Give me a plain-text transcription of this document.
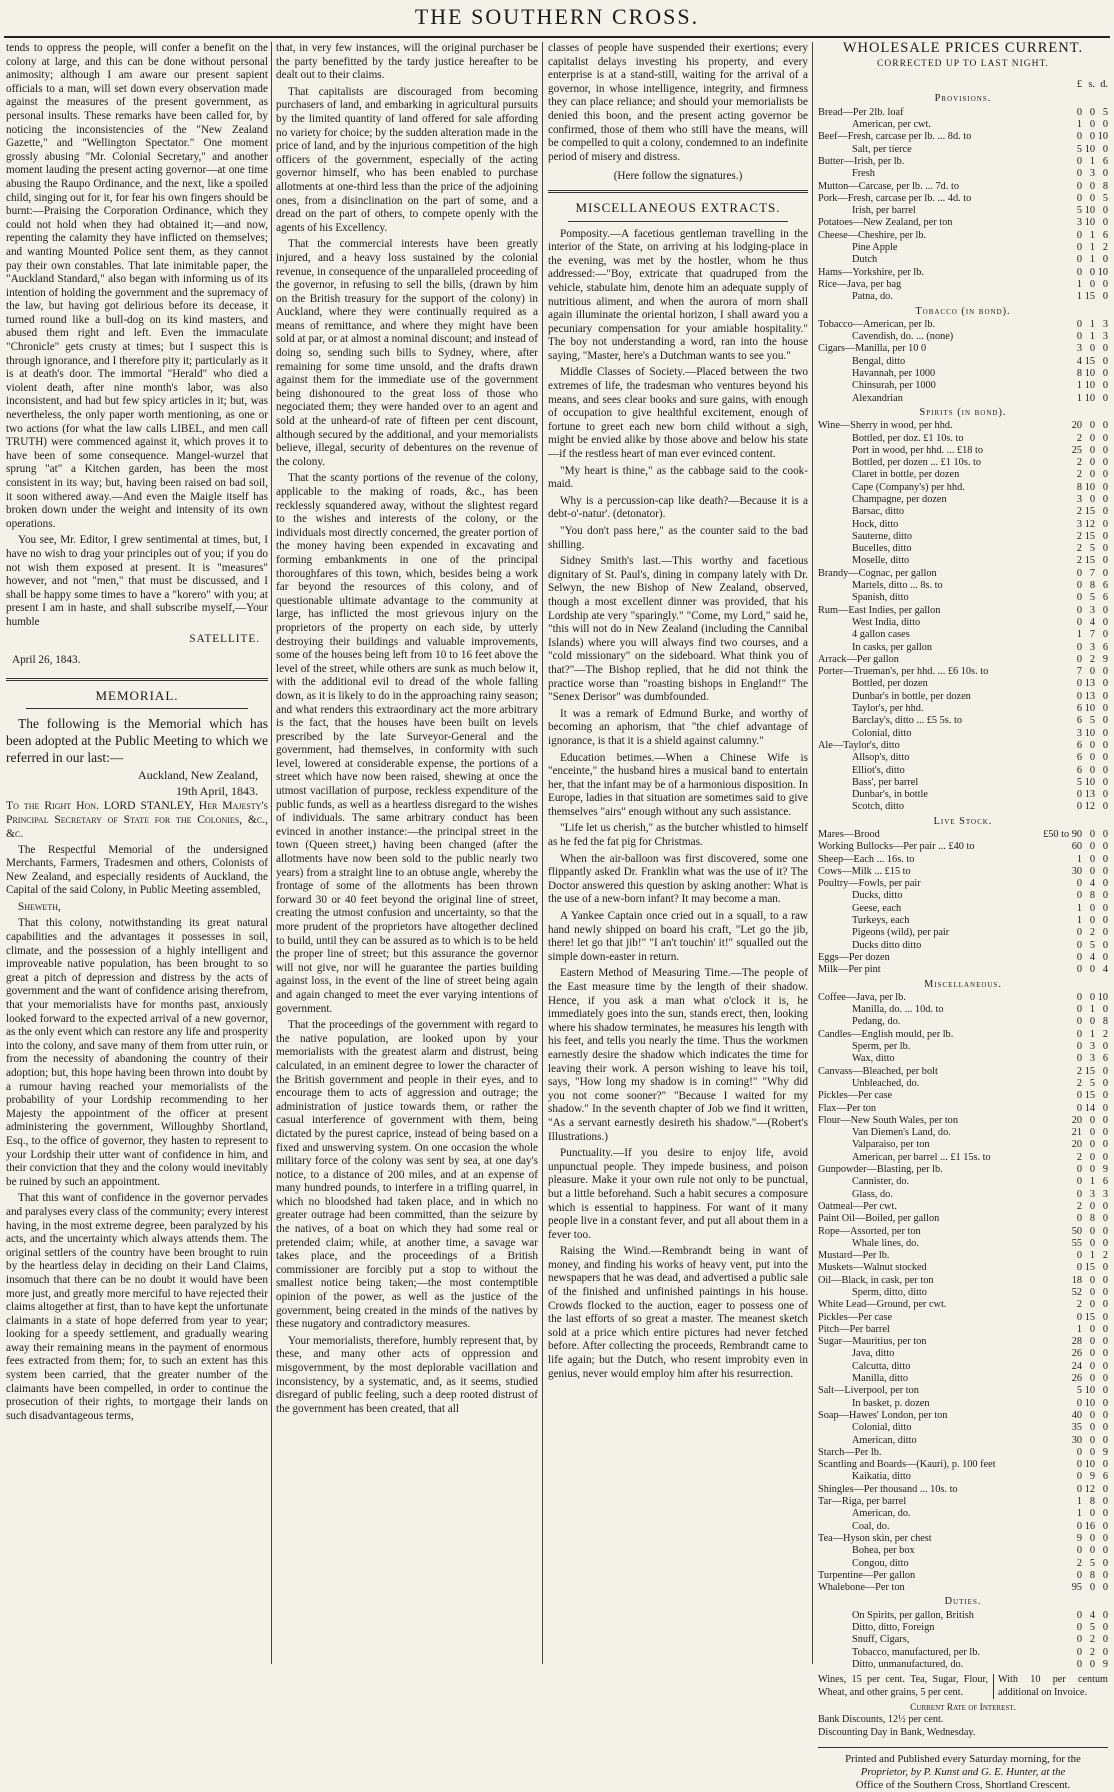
THE SOUTHERN CROSS.

tends to oppress the people, will confer a benefit on the colony at large, and this can be done without personal animosity; although I am aware our present sapient officials to a man, will set down every observation made against the measures of the present government, as personal insults. These remarks have been called for, by noticing the inconsistencies of the "New Zealand Gazette," and "Wellington Spectator." One moment grossly abusing "Mr. Colonial Secretary," and another moment lauding the present acting governor—at one time abusing the Raupo Ordinance, and the next, like a spoiled child, singing out for it, for fear his own fingers should be burnt:—Praising the Corporation Ordinance, which they could not hold when they had obtained it;—and now, repenting the calamity they have inflicted on themselves; and wanting Mounted Police sent them, as they cannot pay their own constables. That late inimitable paper, the "Auckland Standard," also began with informing us of its intention of holding the government and the supremacy of the law, but having got delirious before its decease, it turned round like a bull-dog on its kind masters, and abused them right and left. Even the immaculate "Chronicle" gets crusty at times; but I suspect this is through ignorance, and I therefore pity it; particularly as it is at death's door. The immortal "Herald" who died a violent death, after nine month's labor, was also inconsistent, and had but few spicy articles in it; but, was nevertheless, the only paper worth mentioning, as one or two actions (for what the law calls LIBEL, and men call TRUTH) were commenced against it, which proves it to have been of some consequence. Mangel-wurzel that sprung "at" a Kitchen garden, has been the most consistent in its way; but, having been raised on bad soil, it soon withered away.—And even the Maigle itself has broken down under the weight and intensity of its own operations.

You see, Mr. Editor, I grew sentimental at times, but, I have no wish to drag your principles out of you; if you do not wish them exposed at present. It is "measures" however, and not "men," that must be discussed, and I shall be happy some times to have a "korero" with you; at present I am in haste, and shall subscribe myself,—Your humble

SATELLITE.
April 26, 1843.
MEMORIAL.

The following is the Memorial which has been adopted at the Public Meeting to which we referred in our last:—

Auckland, New Zealand,
19th April, 1843.

To the Right Hon. LORD STANLEY, Her Majesty's Principal Secretary of State for the Colonies, &c., &c.

The Respectful Memorial of the undersigned Merchants, Farmers, Tradesmen and others, Colonists of New Zealand, and especially residents of Auckland, the Capital of the said Colony, in Public Meeting assembled,

Sheweth,

That this colony, notwithstanding its great natural capabilities and the advantages it possesses in soil, climate, and the possession of a highly intelligent and improveable native population, has been brought to so great a pitch of depression and distress by the acts of government and the want of confidence arising therefrom, that your memorialists have for months past, anxiously looked forward to the expected arrival of a new governor, as the only event which can restore any life and prosperity into the colony, and save many of them from utter ruin, or from the necessity of abandoning the country of their adoption; but, this hope having been thrown into doubt by a rumour having reached your memorialists of the probability of your Lordship recommending to her Majesty the appointment of the officer at present administering the government, Willoughby Shortland, Esq., to the office of governor, they hasten to represent to your Lordship their utter want of confidence in him, and their conviction that they and the colony would inevitably be ruined by such an appointment.

That this want of confidence in the governor pervades and paralyses every class of the community; every interest having, in the most extreme degree, been paralyzed by his acts, and the uncertainty which always attends them. The original settlers of the country have been brought to ruin by the heartless delay in deciding on their Land Claims, insomuch that there can be no doubt it would have been more just, and greatly more merciful to have rejected their claims altogether at first, than to have kept the unfortunate claimants in a state of hope deferred from year to year; looking for a speedy settlement, and gradually wearing away their remaining means in the payment of enormous fees extracted from them; for, to such an extent has this system been carried, that the greater number of the claimants have been compelled, in order to continue the prosecution of their rights, to mortgage their lands on such disadvantageous terms,

that, in very few instances, will the original purchaser be the party benefitted by the tardy justice hereafter to be dealt out to their claims.

That capitalists are discouraged from becoming purchasers of land, and embarking in agricultural pursuits by the limited quantity of land offered for sale affording no variety for choice; by the sudden alteration made in the price of land, and by the injurious competition of the high officers of the government, especially of the acting governor himself, who has been enabled to purchase allotments at one-third less than the price of the adjoining ones, from a disinclination on the part of some, and a dread on the part of others, to compete openly with the agents of his Excellency.

That the commercial interests have been greatly injured, and a heavy loss sustained by the colonial revenue, in consequence of the unparalleled proceeding of the governor, in refusing to sell the bills, (drawn by him on the British treasury for the support of the colony) in Auckland, where they were continually required as a means of remittance, and where they might have been sold at par, or at almost a nominal discount; and instead of doing so, sending such bills to Sydney, where, after remaining for some time unsold, and the drafts drawn against them for the immediate use of the government being dishonoured to the great loss of those who negociated them; they were handed over to an agent and sold at the unheard-of rate of fifteen per cent discount, although secured by the additional, and your memorialists believe, illegal, security of debentures on the revenue of the colony.

That the scanty portions of the revenue of the colony, applicable to the making of roads, &c., has been recklessly squandered away, without the slightest regard to the wishes and interests of the colony, or the individuals most directly concerned, the greater portion of the money having been expended in excavating and forming embankments in one of the principal thoroughfares of this town, which, besides being a work far beyond the resources of this colony, and of questionable ultimate advantage to the community at large, has inflicted the most grievous injury on the proprietors of the property on each side, by utterly destroying their buildings and valuable improvements, some of the houses being left from 10 to 16 feet above the level of the street, while others are sunk as much below it, with the additional evil to dread of the whole falling down, as it is likely to do in the approaching rainy season; and what renders this extraordinary act the more arbitrary is the fact, that the houses have been built on levels prescribed by the late Surveyor-General and the government, had themselves, in conformity with such level, lowered at considerable expense, the portions of a street which have now been raised, shewing at once the utmost vacillation of purpose, reckless expenditure of the public funds, as well as a heartless disregard to the wishes of individuals. The same arbitrary conduct has been evinced in another instance:—the principal street in the town (Queen street,) having been changed (after the allotments have now been sold to the public nearly two years) from a straight line to an obtuse angle, whereby the frontage of some of the allotments has been thrown forward 30 or 40 feet beyond the original line of street, creating the utmost confusion and uncertainty, so that the more prudent of the proprietors have altogether declined to build, until they can be assured as to which is to be held the proper line of street; but this assurance the governor will not give, nor will he guarantee the parties building against loss, in the event of the line of street being again and again changed to meet the ever varying intentions of government.

That the proceedings of the government with regard to the native population, are looked upon by your memorialists with the greatest alarm and distrust, being calculated, in an eminent degree to lower the character of the British government and people in their eyes, and to encourage them to acts of aggression and outrage; the administration of justice towards them, or rather the casual interference of government with them, being dictated by the purest caprice, instead of being based on a fixed and unswerving system. On one occasion the whole military force of the colony was sent by sea, at one day's notice, to a distance of 200 miles, and at an expense of many hundred pounds, to interfere in a trifling quarrel, in which no bloodshed had taken place, and in which no greater outrage had been committed, than the seizure by the natives, of a boat on which they had some real or pretended claim; while, at another time, a savage war takes place, and the proceedings of a British commissioner are forcibly put a stop to without the smallest notice being taken;—the most contemptible opinion of the power, as well as the justice of the government, being created in the minds of the natives by these nugatory and contradictory measures.

Your memorialists, therefore, humbly represent that, by these, and many other acts of oppression and misgovernment, by the most deplorable vacillation and inconsistency, by a systematic, and, as it seems, studied disregard of public feeling, such a deep rooted distrust of the government has been created, that all

classes of people have suspended their exertions; every capitalist delays investing his property, and every enterprise is at a stand-still, waiting for the arrival of a governor, in whose intelligence, integrity, and firmness they can place reliance; and should your memorialists be denied this boon, and the present acting governor be confirmed, those of them who still have the means, will be compelled to quit a colony, condemned to an indefinite period of misery and distress.

(Here follow the signatures.)
MISCELLANEOUS EXTRACTS.

Pomposity.—A facetious gentleman travelling in the interior of the State, on arriving at his lodging-place in the evening, was met by the hostler, whom he thus addressed:—"Boy, extricate that quadruped from the vehicle, stabulate him, denote him an adequate supply of nutritious aliment, and when the aurora of morn shall again illuminate the oriental horizon, I shall award you a pecuniary compensation for your amiable hospitality." The boy not understanding a word, ran into the house saying, "Master, here's a Dutchman wants to see you."

Middle Classes of Society.—Placed between the two extremes of life, the tradesman who ventures beyond his means, and sees clear books and sure gains, with enough of occupation to give healthful excitement, enough of fortune to greet each new born child without a sigh, might be envied alike by those above and below his state—if the restless heart of man ever evinced content.

"My heart is thine," as the cabbage said to the cook-maid.

Why is a percussion-cap like death?—Because it is a debt-o'-natur'. (detonator).

"You don't pass here," as the counter said to the bad shilling.

Sidney Smith's last.—This worthy and facetious dignitary of St. Paul's, dining in company lately with Dr. Selwyn, the new Bishop of New Zealand, observed, though a most excellent dinner was provided, that his Lordship ate very "sparingly." "Come, my Lord," said he, "this will not do in New Zealand (including the Cannibal Islands) where you will always find two courses, and a "cold missionary" on the sideboard. What think you of that?"—The Bishop replied, that he did not think the practice worse than "roasting bishops in England!" The "Senex Derisor" was dumbfounded.

It was a remark of Edmund Burke, and worthy of becoming an aphorism, that "the chief advantage of ignorance, is that it is a shield against calumny."

Education betimes.—When a Chinese Wife is "enceinte," the husband hires a musical band to entertain her, that the infant may be of a harmonious disposition. In Europe, ladies in that situation are sometimes said to give themselves "airs" enough without any such assistance.

"Life let us cherish," as the butcher whistled to himself as he fed the fat pig for Christmas.

When the air-balloon was first discovered, some one flippantly asked Dr. Franklin what was the use of it? The Doctor answered this question by asking another: What is the use of a new-born infant? It may become a man.

A Yankee Captain once cried out in a squall, to a raw hand newly shipped on board his craft, "Let go the jib, there! let go that jib!" "I an't touchin' it!" squalled out the simple down-easter in return.

Eastern Method of Measuring Time.—The people of the East measure time by the length of their shadow. Hence, if you ask a man what o'clock it is, he immediately goes into the sun, stands erect, then, looking where his shadow terminates, he measures his length with his feet, and tells you nearly the time. Thus the workmen earnestly desire the shadow which indicates the time for leaving their work. A person wishing to leave his toil, says, "How long my shadow is in coming!" "Why did you not come sooner?" "Because I waited for my shadow." In the seventh chapter of Job we find it written, "As a servant earnestly desireth his shadow."—(Robert's Illustrations.)

Punctuality.—If you desire to enjoy life, avoid unpunctual people. They impede business, and poison pleasure. Make it your own rule not only to be punctual, but a little beforehand. Such a habit secures a composure which is essential to happiness. For want of it many people live in a constant fever, and put all about them in a fever too.

Raising the Wind.—Rembrandt being in want of money, and finding his works of heavy vent, put into the newspapers that he was dead, and advertised a public sale of the finished and unfinished paintings in his house. Crowds flocked to the auction, eager to possess one of the last efforts of so great a master. The meanest sketch sold at a price which entire pictures had never fetched before. After collecting the proceeds, Rembrandt came to life again; but the Dutch, who resent improbity even in genius, never would employ him after his resurrection.

WHOLESALE PRICES CURRENT.
CORRECTED UP TO LAST NIGHT.
	£	s.	d.
Provisions.			
Bread—Per 2lb. loaf	0	0	5
American, per cwt.	1	0	0
Beef—Fresh, carcase per lb. ... 8d. to	0	0	10
Salt, per tierce	5	10	0
Butter—Irish, per lb.	0	1	6
Fresh	0	3	0
Mutton—Carcase, per lb. ... 7d. to	0	0	8
Pork—Fresh, carcase per lb. ... 4d. to	0	0	5
Irish, per barrel	5	10	0
Potatoes—New Zealand, per ton	3	10	0
Cheese—Cheshire, per lb.	0	1	6
Pine Apple	0	1	2
Dutch	0	1	0
Hams—Yorkshire, per lb.	0	0	10
Rice—Java, per bag	1	0	0
Patna, do.	1	15	0
Tobacco (in bond).			
Tobacco—American, per lb.	0	1	3
Cavendish, do. ... (none)	0	1	3
Cigars—Manilla, per 10 0	3	0	0
Bengal, ditto	4	15	0
Havannah, per 1000	8	10	0
Chinsurah, per 1000	1	10	0
Alexandrian	1	10	0
Spirits (in bond).			
Wine—Sherry in wood, per hhd.	20	0	0
Bottled, per doz. £1 10s. to	2	0	0
Port in wood, per hhd. ... £18 to	25	0	0
Bottled, per dozen ... £1 10s. to	2	0	0
Claret in bottle, per dozen	2	0	0
Cape (Company's) per hhd.	8	10	0
Champagne, per dozen	3	0	0
Barsac, ditto	2	15	0
Hock, ditto	3	12	0
Sauterne, ditto	2	15	0
Bucelles, ditto	2	5	0
Moselle, ditto	2	15	0
Brandy—Cognac, per gallon	0	7	0
Martels, ditto ... 8s. to	0	8	6
Spanish, ditto	0	5	6
Rum—East Indies, per gallon	0	3	0
West India, ditto	0	4	0
4 gallon cases	1	7	0
In casks, per gallon	0	3	6
Arrack—Per gallon	0	2	9
Porter—Trueman's, per hhd. ... £6 10s. to	7	0	0
Bottled, per dozen	0	13	0
Dunbar's in bottle, per dozen	0	13	0
Taylor's, per hhd.	6	10	0
Barclay's, ditto ... £5 5s. to	6	5	0
Colonial, ditto	3	10	0
Ale—Taylor's, ditto	6	0	0
Allsop's, ditto	6	0	0
Elliot's, ditto	6	0	0
Bass', per barrel	5	10	0
Dunbar's, in bottle	0	13	0
Scotch, ditto	0	12	0
Live Stock.			
Mares—Brood	£50 to 90	0	0
Working Bullocks—Per pair ... £40 to	60	0	0
Sheep—Each ... 16s. to	1	0	0
Cows—Milk ... £15 to	30	0	0
Poultry—Fowls, per pair	0	4	0
Ducks, ditto	0	8	0
Geese, each	1	0	0
Turkeys, each	1	0	0
Pigeons (wild), per pair	0	2	0
Ducks ditto ditto	0	5	0
Eggs—Per dozen	0	4	0
Milk—Per pint	0	0	4
Miscellaneous.			
Coffee—Java, per lb.	0	0	10
Manilla, do. ... 10d. to	0	1	0
Pedang, do.	0	0	8
Candles—English mould, per lb.	0	1	2
Sperm, per lb.	0	3	0
Wax, ditto	0	3	6
Canvass—Bleached, per bolt	2	15	0
Unbleached, do.	2	5	0
Pickles—Per case	0	15	0
Flax—Per ton	0	14	0
Flour—New South Wales, per ton	20	0	0
Van Diemen's Land, do.	21	0	0
Valparaiso, per ton	20	0	0
American, per barrel ... £1 15s. to	2	0	0
Gunpowder—Blasting, per lb.	0	0	9
Cannister, do.	0	1	6
Glass, do.	0	3	3
Oatmeal—Per cwt.	2	0	0
Paint Oil—Boiled, per gallon	0	8	0
Rope—Assorted, per ton	50	0	0
Whale lines, do.	55	0	0
Mustard—Per lb.	0	1	2
Muskets—Walnut stocked	0	15	0
Oil—Black, in cask, per ton	18	0	0
Sperm, ditto, ditto	52	0	0
White Lead—Ground, per cwt.	2	0	0
Pickles—Per case	0	15	0
Pitch—Per barrel	1	0	0
Sugar—Mauritius, per ton	28	0	0
Java, ditto	26	0	0
Calcutta, ditto	24	0	0
Manilla, ditto	26	0	0
Salt—Liverpool, per ton	5	10	0
In basket, p. dozen	0	10	0
Soap—Hawes' London, per ton	40	0	0
Colonial, ditto	35	0	0
American, ditto	30	0	0
Starch—Per lb.	0	0	9
Scantling and Boards—(Kauri), p. 100 feet	0	10	0
Kaikatia, ditto	0	9	6
Shingles—Per thousand ... 10s. to	0	12	0
Tar—Riga, per barrel	1	8	0
American, do.	1	0	0
Coal, do.	0	16	0
Tea—Hyson skin, per chest	9	0	0
Bohea, per box	0	0	0
Congou, ditto	2	5	0
Turpentine—Per gallon	0	8	0
Whalebone—Per ton	95	0	0
Duties.			
On Spirits, per gallon, British	0	4	0
Ditto, ditto, Foreign	0	5	0
Snuff, Cigars,	0	2	0
Tobacco, manufactured, per lb.	0	2	0
Ditto, unmanufactured, do.	0	0	9
Wines, 15 per cent. Tea, Sugar, Flour, Wheat, and other grains, 5 per cent.
With 10 per centum additional on Invoice.
Current Rate of Interest.
Bank Discounts, 12½ per cent.
Discounting Day in Bank, Wednesday.
Printed and Published every Saturday morning, for the
Proprietor, by P. Kunst and G. E. Hunter, at the
Office of the Southern Cross, Shortland Crescent.
